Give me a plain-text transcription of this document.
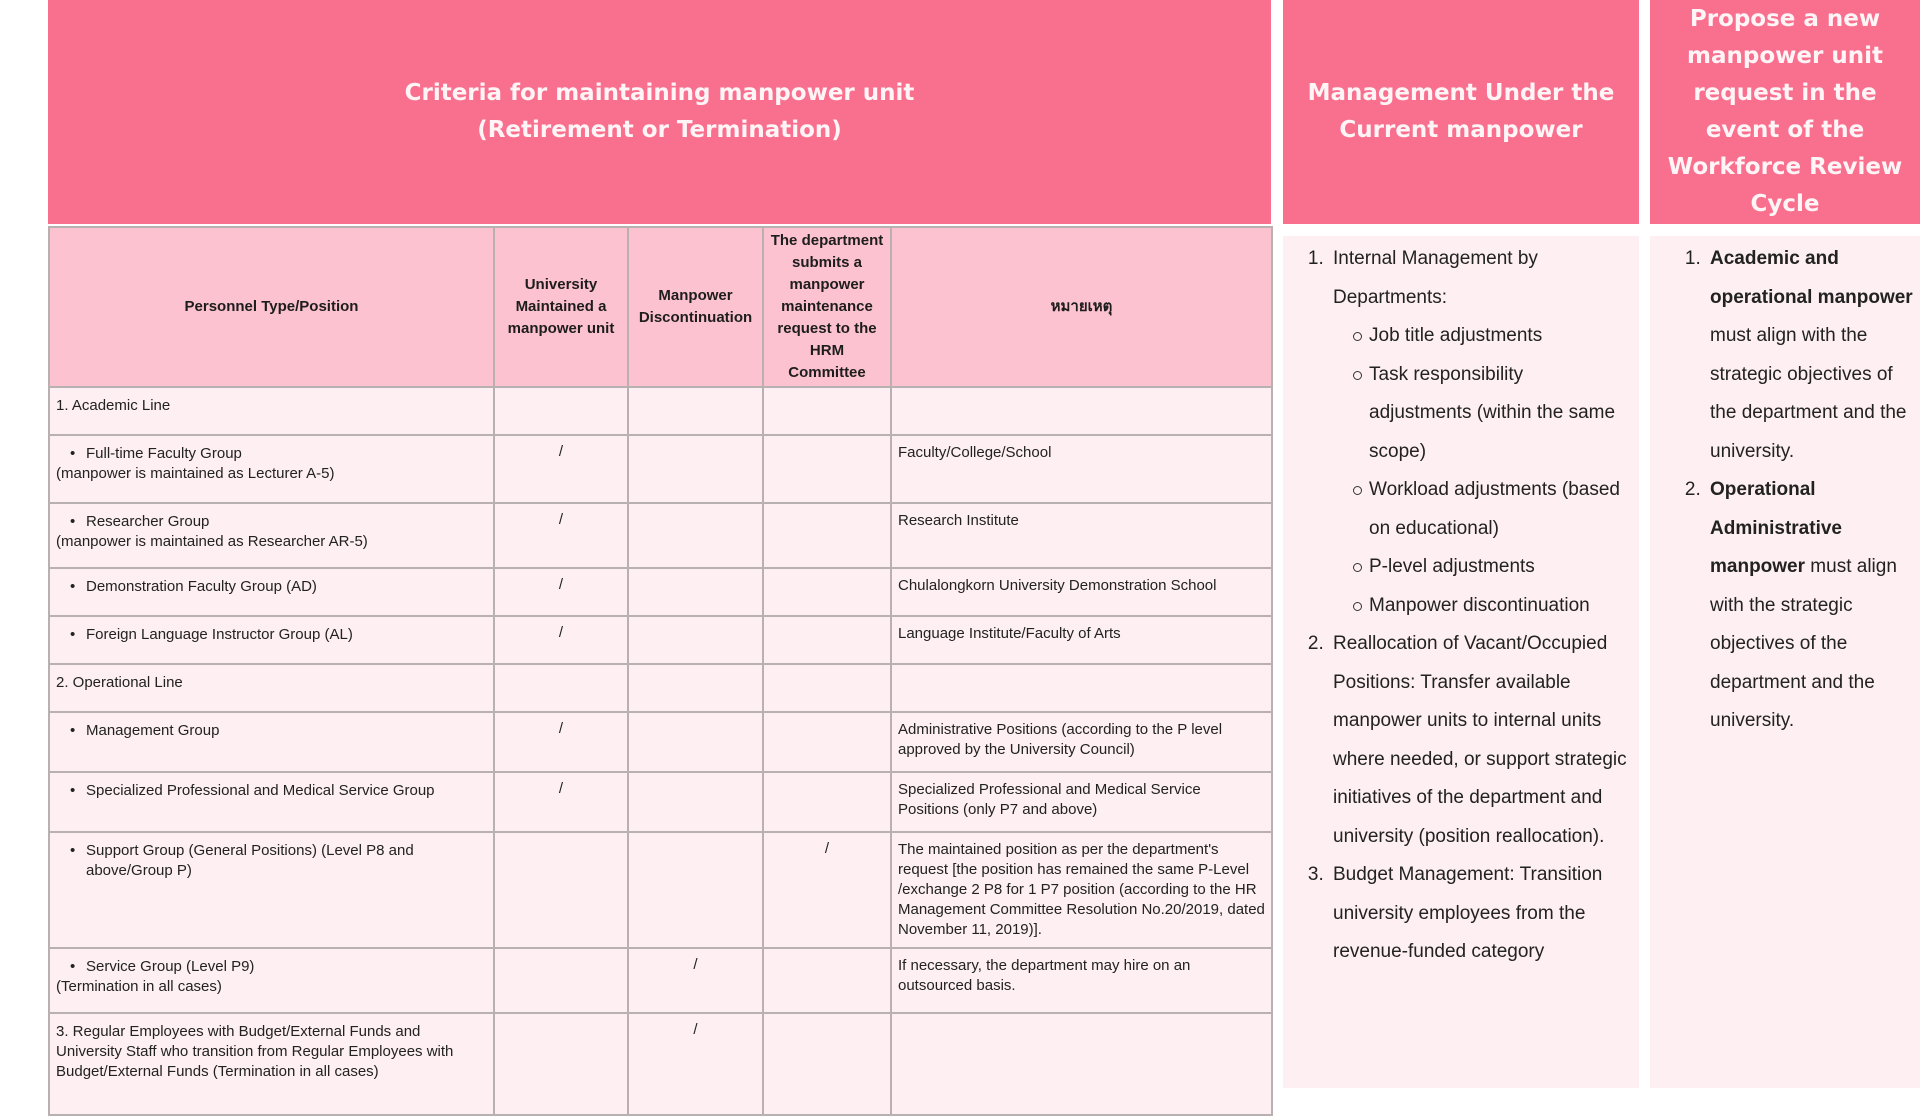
Criteria for maintaining manpower unit
(Retirement or Termination)
Personnel Type/Position	University Maintained a manpower unit	Manpower Discontinuation	The department submits a manpower maintenance request to the HRM Committee	หมายเหตุ

1. Academic Line				

• Full-time Faculty Group
(manpower is maintained as Lecturer A-5)	/			Faculty/College/School

• Researcher Group
(manpower is maintained as Researcher AR-5)	/			Research Institute

• Demonstration Faculty Group (AD)	/			Chulalongkorn University Demonstration School

• Foreign Language Instructor Group (AL)	/			Language Institute/Faculty of Arts

2. Operational Line				

• Management Group	/			Administrative Positions (according to the P level approved by the University Council)

• Specialized Professional and Medical Service Group	/			Specialized Professional and Medical Service Positions (only P7 and above)

• Support Group (General Positions) (Level P8 and above/Group P)			/	The maintained position as per the department's request [the position has remained the same P-Level /exchange 2 P8 for 1 P7 position (according to the HR Management Committee Resolution No.20/2019, dated November 11, 2019)].

• Service Group (Level P9)
(Termination in all cases)		/		If necessary, the department may hire on an outsourced basis.

3. Regular Employees with Budget/External Funds and University Staff who transition from Regular Employees with Budget/External Funds (Termination in all cases)		/		
Management Under the
Current manpower
1. Internal Management by Departments:
Job title adjustments
Task responsibility adjustments (within the same scope)
Workload adjustments (based on educational)
P-level adjustments
Manpower discontinuation
2. Reallocation of Vacant/Occupied Positions: Transfer available manpower units to internal units where needed, or support strategic initiatives of the department and university (position reallocation).
3. Budget Management: Transition university employees from the revenue-funded category
Propose a new manpower unit request in the event of the Workforce Review Cycle
1. Academic and operational manpower must align with the strategic objectives of the department and the university.
2. Operational Administrative manpower must align with the strategic objectives of the department and the university.
